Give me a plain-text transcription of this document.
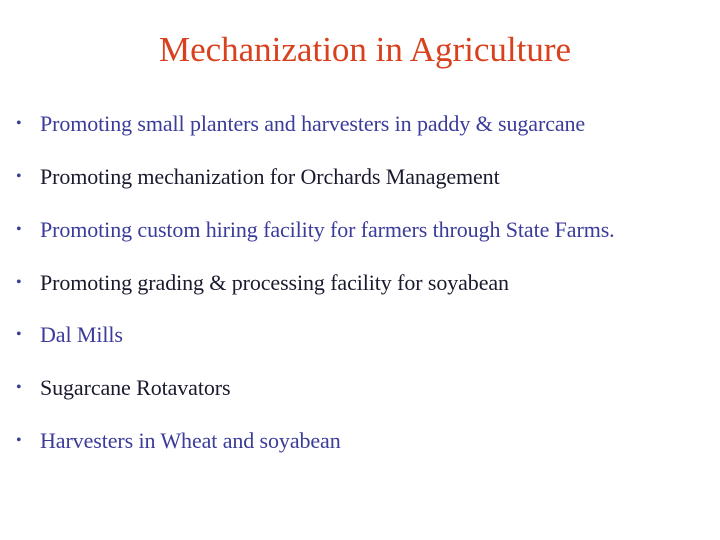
Mechanization in Agriculture
• Promoting small planters and harvesters in paddy & sugarcane
• Promoting mechanization for Orchards Management
• Promoting custom hiring facility for farmers through State Farms.
• Promoting grading & processing facility for soyabean
• Dal Mills
• Sugarcane Rotavators
• Harvesters in Wheat and soyabean
